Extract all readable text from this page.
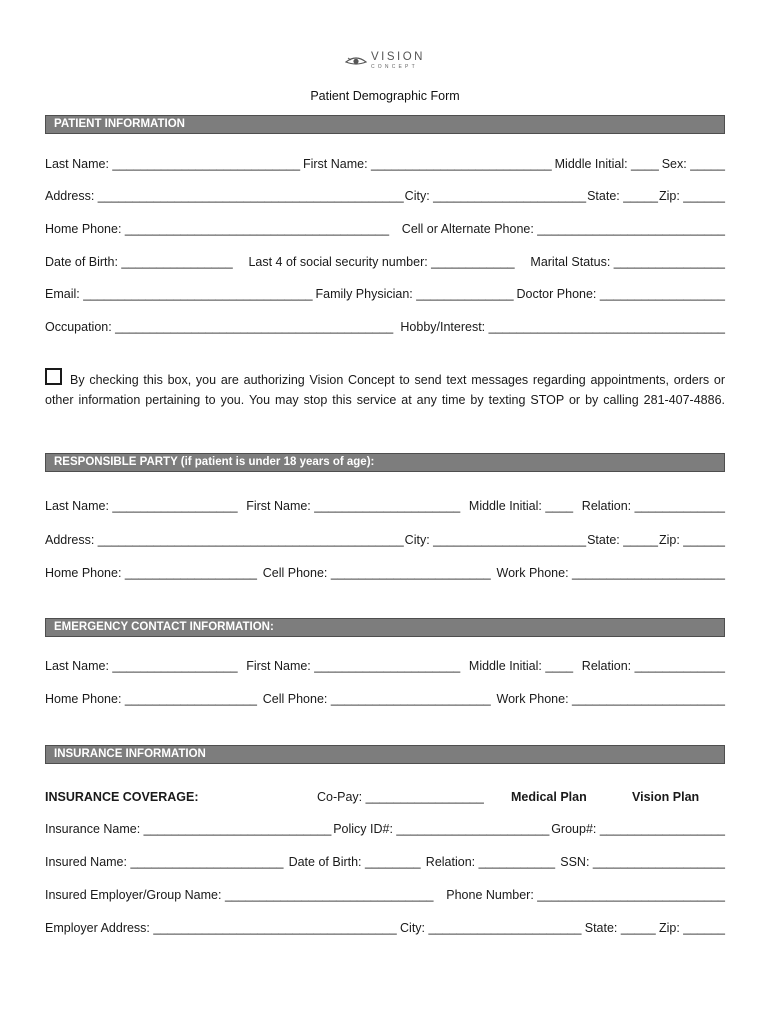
VISION
CONCEPT
Patient Demographic Form
PATIENT INFORMATION
Last Name: ___________________________ First Name: __________________________ Middle Initial: ____ Sex: _____
Address: ____________________________________________ City: ______________________ State: _____ Zip: ______
Home Phone: ______________________________________ Cell or Alternate Phone: ___________________________
Date of Birth: ________________ Last 4 of social security number: ____________ Marital Status: ________________
Email: _________________________________ Family Physician: ______________ Doctor Phone: __________________
Occupation: ________________________________________ Hobby/Interest: __________________________________
By checking this box, you are authorizing Vision Concept to send text messages regarding appointments, orders or
other information pertaining to you. You may stop this service at any time by texting STOP or by calling 281-407-4886.
RESPONSIBLE PARTY (if patient is under 18 years of age):
Last Name: __________________ First Name: _____________________ Middle Initial: ____ Relation: _____________
Address: ____________________________________________ City: ______________________ State: _____ Zip: ______
Home Phone: ___________________ Cell Phone: _______________________ Work Phone: ______________________
EMERGENCY CONTACT INFORMATION:
Last Name: __________________ First Name: _____________________ Middle Initial: ____ Relation: _____________
Home Phone: ___________________ Cell Phone: _______________________ Work Phone: ______________________
INSURANCE INFORMATION
INSURANCE COVERAGE:	Co-Pay: _________________	Medical Plan	Vision Plan
Insurance Name: ___________________________ Policy ID#: ______________________ Group#: __________________
Insured Name: ______________________ Date of Birth: ________ Relation: ___________ SSN: ___________________
Insured Employer/Group Name: ______________________________ Phone Number: ___________________________
Employer Address: ___________________________________ City: ______________________ State: _____ Zip: ______
